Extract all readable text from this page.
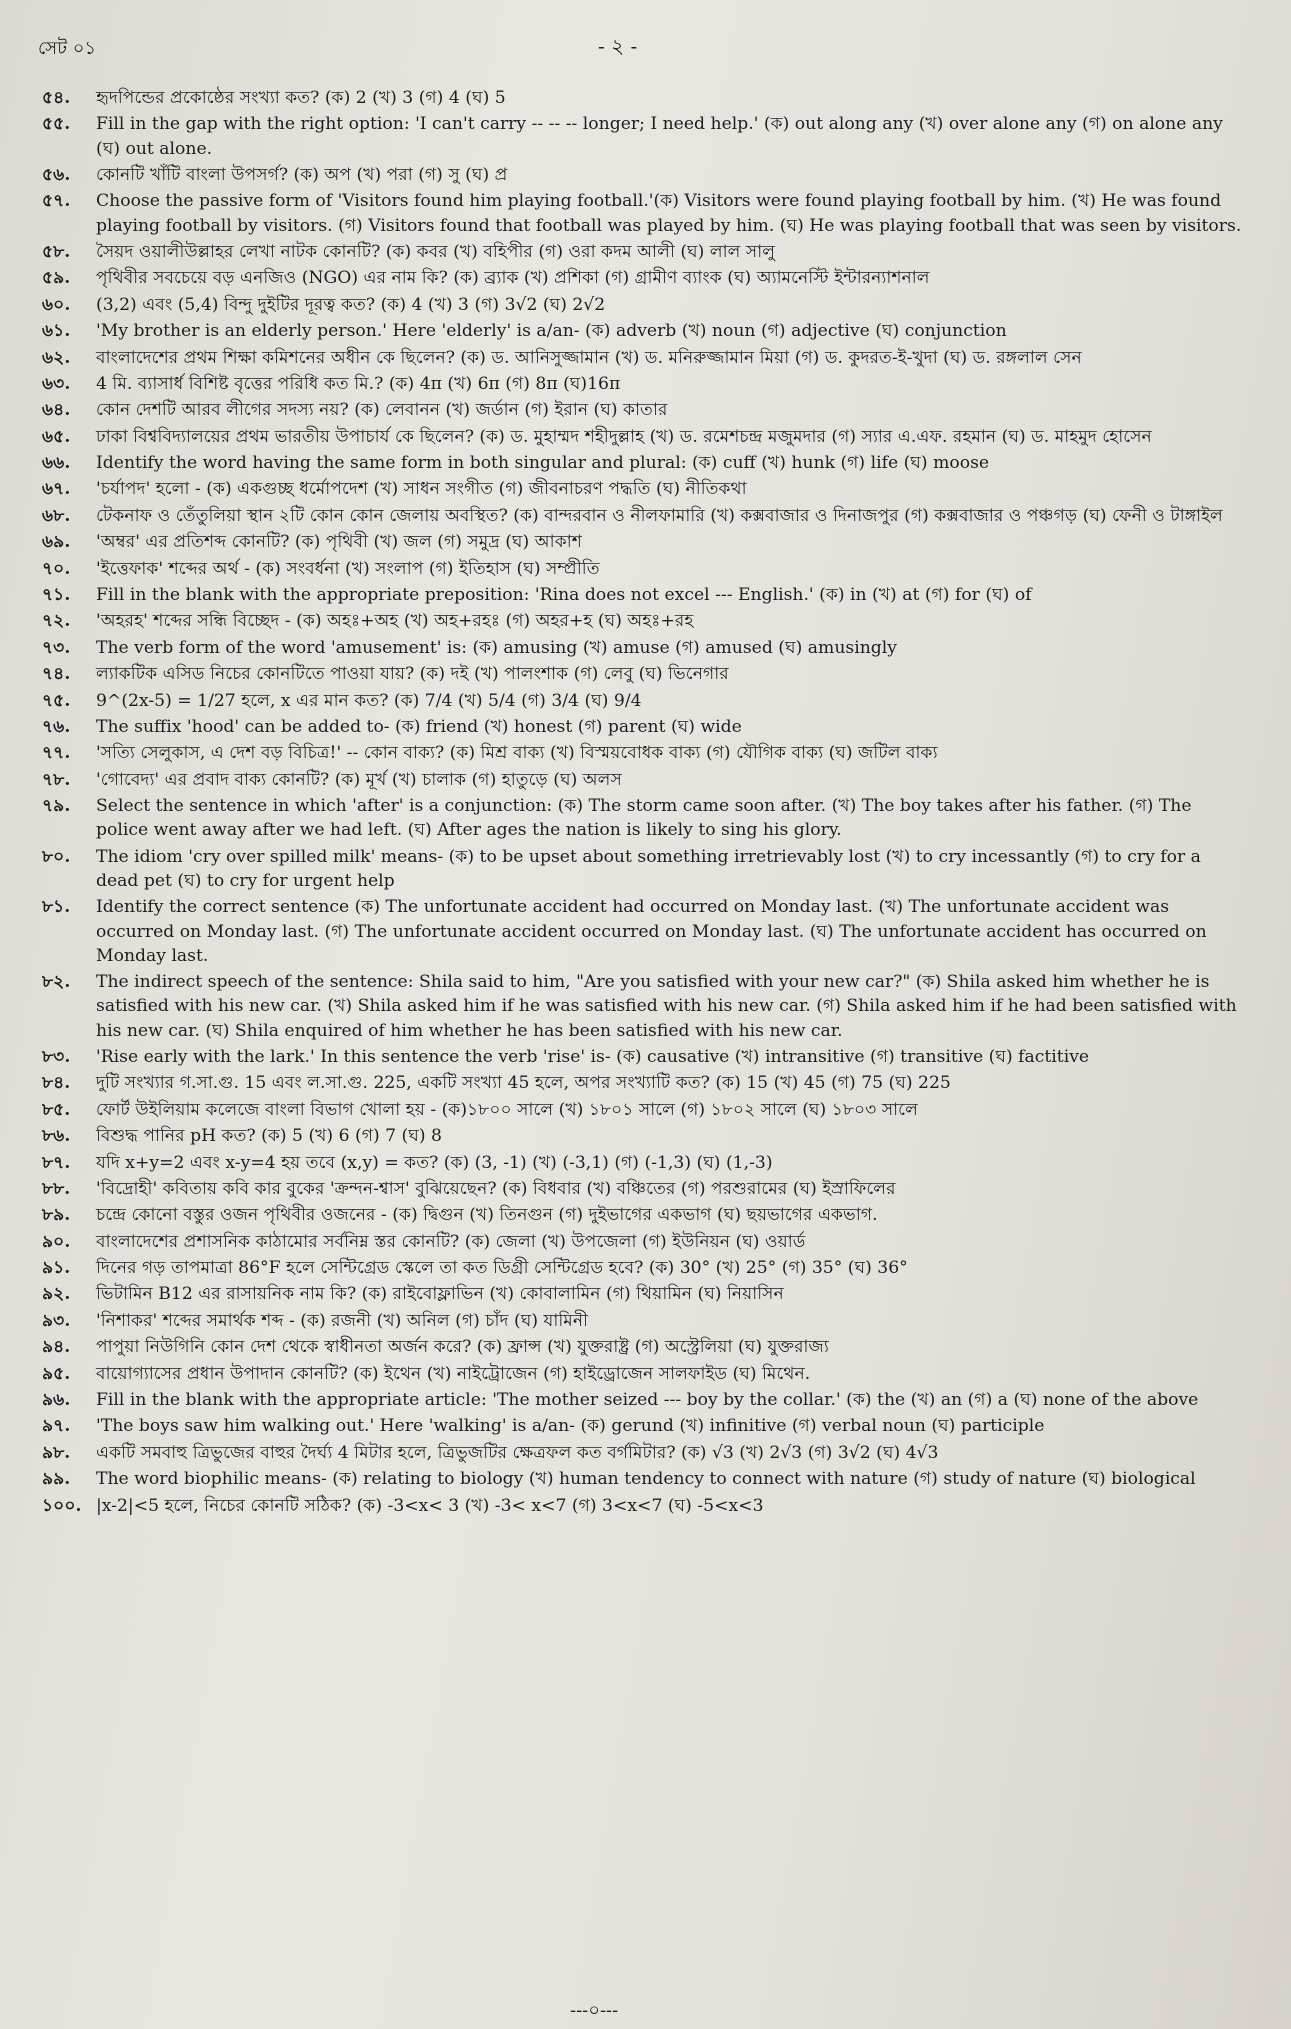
সেট ০১	- ২ -
৫৪.	হৃদপিন্ডের প্রকোষ্ঠের সংখ্যা কত? (ক) 2 (খ) 3 (গ) 4 (ঘ) 5
৫৫.	Fill in the gap with the right option: 'I can't carry -- -- -- longer; I need help.' (ক) out along any (খ) over alone any (গ) on alone any (ঘ) out alone.
৫৬.	কোনটি খাঁটি বাংলা উপসর্গ? (ক) অপ (খ) পরা (গ) সু (ঘ) প্র
৫৭.	Choose the passive form of 'Visitors found him playing football.'(ক) Visitors were found playing football by him. (খ) He was found playing football by visitors. (গ) Visitors found that football was played by him. (ঘ) He was playing football that was seen by visitors.
৫৮.	সৈয়দ ওয়ালীউল্লাহর লেখা নাটক কোনটি? (ক) কবর (খ) বহিপীর (গ) ওরা কদম আলী (ঘ) লাল সালু
৫৯.	পৃথিবীর সবচেয়ে বড় এনজিও (NGO) এর নাম কি? (ক) ব্র্যাক (খ) প্রশিকা (গ) গ্রামীণ ব্যাংক (ঘ) অ্যামনেস্টি ইন্টারন্যাশনাল
৬০.	(3,2) এবং (5,4) বিন্দু দুইটির দূরত্ব কত? (ক) 4 (খ) 3 (গ) 3√2 (ঘ) 2√2
৬১.	'My brother is an elderly person.' Here 'elderly' is a/an- (ক) adverb (খ) noun (গ) adjective (ঘ) conjunction
৬২.	বাংলাদেশের প্রথম শিক্ষা কমিশনের অধীন কে ছিলেন? (ক) ড. আনিসুজ্জামান (খ) ড. মনিরুজ্জামান মিয়া (গ) ড. কুদরত-ই-খুদা (ঘ) ড. রঙ্গলাল সেন
৬৩.	4 মি. ব্যাসার্ধ বিশিষ্ট বৃত্তের পরিধি কত মি.? (ক) 4π (খ) 6π (গ) 8π (ঘ)16π
৬৪.	কোন দেশটি আরব লীগের সদস্য নয়? (ক) লেবানন (খ) জর্ডান (গ) ইরান (ঘ) কাতার
৬৫.	ঢাকা বিশ্ববিদ্যালয়ের প্রথম ভারতীয় উপাচার্য কে ছিলেন? (ক) ড. মুহাম্মদ শহীদুল্লাহ (খ) ড. রমেশচন্দ্র মজুমদার (গ) স্যার এ.এফ. রহমান (ঘ) ড. মাহমুদ হোসেন
৬৬.	Identify the word having the same form in both singular and plural: (ক) cuff (খ) hunk (গ) life (ঘ) moose
৬৭.	'চর্যাপদ' হলো - (ক) একগুচ্ছ ধর্মোপদেশ (খ) সাধন সংগীত (গ) জীবনাচরণ পদ্ধতি (ঘ) নীতিকথা
৬৮.	টেকনাফ ও তেঁতুলিয়া স্থান ২টি কোন কোন জেলায় অবস্থিত? (ক) বান্দরবান ও নীলফামারি (খ) কক্সবাজার ও দিনাজপুর (গ) কক্সবাজার ও পঞ্চগড় (ঘ) ফেনী ও টাঙ্গাইল
৬৯.	'অম্বর' এর প্রতিশব্দ কোনটি? (ক) পৃথিবী (খ) জল (গ) সমুদ্র (ঘ) আকাশ
৭০.	'ইত্তেফাক' শব্দের অর্থ - (ক) সংবর্ধনা (খ) সংলাপ (গ) ইতিহাস (ঘ) সম্প্রীতি
৭১.	Fill in the blank with the appropriate preposition: 'Rina does not excel --- English.' (ক) in (খ) at (গ) for (ঘ) of
৭২.	'অহরহ' শব্দের সন্ধি বিচ্ছেদ - (ক) অহঃ+অহ (খ) অহ+রহঃ (গ) অহর+হ (ঘ) অহঃ+রহ
৭৩.	The verb form of the word 'amusement' is: (ক) amusing (খ) amuse (গ) amused (ঘ) amusingly
৭৪.	ল্যাকটিক এসিড নিচের কোনটিতে পাওয়া যায়? (ক) দই (খ) পালংশাক (গ) লেবু (ঘ) ভিনেগার
৭৫.	9^(2x-5) = 1/27 হলে, x এর মান কত? (ক) 7/4 (খ) 5/4 (গ) 3/4 (ঘ) 9/4
৭৬.	The suffix 'hood' can be added to- (ক) friend (খ) honest (গ) parent (ঘ) wide
৭৭.	'সত্যি সেলুকাস, এ দেশ বড় বিচিত্র!' -- কোন বাক্য? (ক) মিশ্র বাক্য (খ) বিস্ময়বোধক বাক্য (গ) যৌগিক বাক্য (ঘ) জটিল বাক্য
৭৮.	'গোবেদ্য' এর প্রবাদ বাক্য কোনটি? (ক) মূর্খ (খ) চালাক (গ) হাতুড়ে (ঘ) অলস
৭৯.	Select the sentence in which 'after' is a conjunction: (ক) The storm came soon after. (খ) The boy takes after his father. (গ) The police went away after we had left. (ঘ) After ages the nation is likely to sing his glory.
৮০.	The idiom 'cry over spilled milk' means- (ক) to be upset about something irretrievably lost (খ) to cry incessantly (গ) to cry for a dead pet (ঘ) to cry for urgent help
৮১.	Identify the correct sentence (ক) The unfortunate accident had occurred on Monday last. (খ) The unfortunate accident was occurred on Monday last. (গ) The unfortunate accident occurred on Monday last. (ঘ) The unfortunate accident has occurred on Monday last.
৮২.	The indirect speech of the sentence: Shila said to him, "Are you satisfied with your new car?" (ক) Shila asked him whether he is satisfied with his new car. (খ) Shila asked him if he was satisfied with his new car. (গ) Shila asked him if he had been satisfied with his new car. (ঘ) Shila enquired of him whether he has been satisfied with his new car.
৮৩.	'Rise early with the lark.' In this sentence the verb 'rise' is- (ক) causative (খ) intransitive (গ) transitive (ঘ) factitive
৮৪.	দুটি সংখ্যার গ.সা.গু. 15 এবং ল.সা.গু. 225, একটি সংখ্যা 45 হলে, অপর সংখ্যাটি কত? (ক) 15 (খ) 45 (গ) 75 (ঘ) 225
৮৫.	ফোর্ট উইলিয়াম কলেজে বাংলা বিভাগ খোলা হয় - (ক)১৮০০ সালে (খ) ১৮০১ সালে (গ) ১৮০২ সালে (ঘ) ১৮০৩ সালে
৮৬.	বিশুদ্ধ পানির pH কত? (ক) 5 (খ) 6 (গ) 7 (ঘ) 8
৮৭.	যদি x+y=2 এবং x-y=4 হয় তবে (x,y) = কত? (ক) (3, -1) (খ) (-3,1) (গ) (-1,3) (ঘ) (1,-3)
৮৮.	'বিদ্রোহী' কবিতায় কবি কার বুকের 'ক্রন্দন-শ্বাস' বুঝিয়েছেন? (ক) বিধবার (খ) বঞ্চিতের (গ) পরশুরামের (ঘ) ইস্রাফিলের
৮৯.	চন্দ্রে কোনো বস্তুর ওজন পৃথিবীর ওজনের - (ক) দ্বিগুন (খ) তিনগুন (গ) দুইভাগের একভাগ (ঘ) ছয়ভাগের একভাগ.
৯০.	বাংলাদেশের প্রশাসনিক কাঠামোর সর্বনিম্ন স্তর কোনটি? (ক) জেলা (খ) উপজেলা (গ) ইউনিয়ন (ঘ) ওয়ার্ড
৯১.	দিনের গড় তাপমাত্রা 86°F হলে সেন্টিগ্রেড স্কেলে তা কত ডিগ্রী সেন্টিগ্রেড হবে? (ক) 30° (খ) 25° (গ) 35° (ঘ) 36°
৯২.	ভিটামিন B12 এর রাসায়নিক নাম কি? (ক) রাইবোফ্লাভিন (খ) কোবালামিন (গ) থিয়ামিন (ঘ) নিয়াসিন
৯৩.	'নিশাকর' শব্দের সমার্থক শব্দ - (ক) রজনী (খ) অনিল (গ) চাঁদ (ঘ) যামিনী
৯৪.	পাপুয়া নিউগিনি কোন দেশ থেকে স্বাধীনতা অর্জন করে? (ক) ফ্রান্স (খ) যুক্তরাষ্ট্র (গ) অস্ট্রেলিয়া (ঘ) যুক্তরাজ্য
৯৫.	বায়োগ্যাসের প্রধান উপাদান কোনটি? (ক) ইথেন (খ) নাইট্রোজেন (গ) হাইড্রোজেন সালফাইড (ঘ) মিথেন.
৯৬.	Fill in the blank with the appropriate article: 'The mother seized --- boy by the collar.' (ক) the (খ) an (গ) a (ঘ) none of the above
৯৭.	'The boys saw him walking out.' Here 'walking' is a/an- (ক) gerund (খ) infinitive (গ) verbal noun (ঘ) participle
৯৮.	একটি সমবাহু ত্রিভুজের বাহুর দৈর্ঘ্য 4 মিটার হলে, ত্রিভুজটির ক্ষেত্রফল কত বর্গমিটার? (ক) √3 (খ) 2√3 (গ) 3√2 (ঘ) 4√3
৯৯.	The word biophilic means- (ক) relating to biology (খ) human tendency to connect with nature (গ) study of nature (ঘ) biological
১০০. |x-2|<5 হলে, নিচের কোনটি সঠিক? (ক) -3<x< 3 (খ) -3< x<7 (গ) 3<x<7 (ঘ) -5<x<3
---০---
